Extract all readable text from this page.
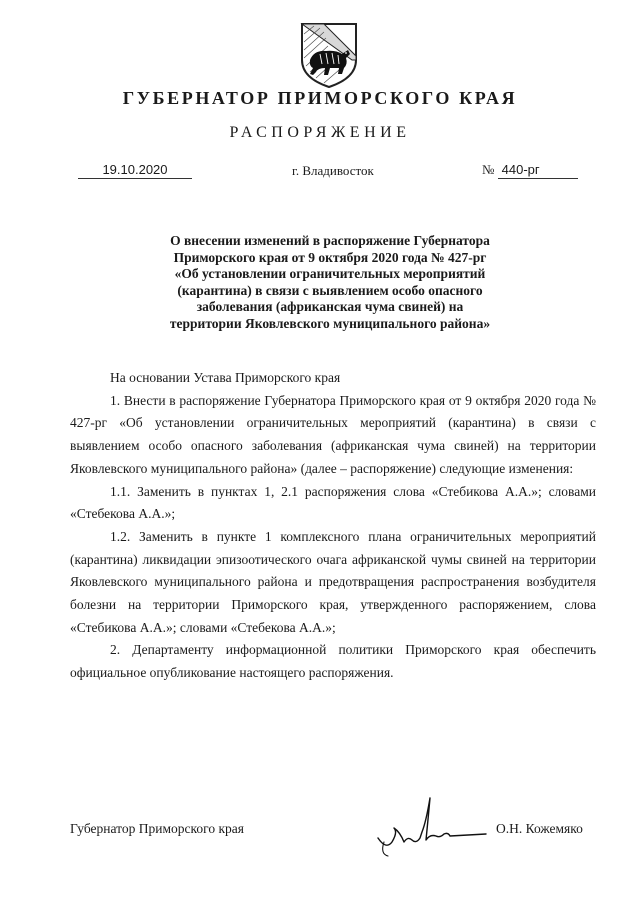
ГУБЕРНАТОР ПРИМОРСКОГО КРАЯ
РАСПОРЯЖЕНИЕ
19.10.2020	г. Владивосток	№ 440-рг
О внесении изменений в распоряжение Губернатора
Приморского края от 9 октября 2020 года № 427-рг
«Об установлении ограничительных мероприятий
(карантина) в связи с выявлением особо опасного
заболевания (африканская чума свиней) на
территории Яковлевского муниципального района»

На основании Устава Приморского края

1. Внести в распоряжение Губернатора Приморского края от 9 октября 2020 года № 427-рг «Об установлении ограничительных мероприятий (карантина) в связи с выявлением особо опасного заболевания (африканская чума свиней) на территории Яковлевского муниципального района» (далее – распоряжение) следующие изменения:

1.1. Заменить в пунктах 1, 2.1 распоряжения слова «Стебикова А.А.»; словами «Стебекова А.А.»;

1.2. Заменить в пункте 1 комплексного плана ограничительных мероприятий (карантина) ликвидации эпизоотического очага африканской чумы свиней на территории Яковлевского муниципального района и предотвращения распространения возбудителя болезни на территории Приморского края, утвержденного распоряжением, слова «Стебикова А.А.»; словами «Стебекова А.А.»;

2. Департаменту информационной политики Приморского края обеспечить официальное опубликование настоящего распоряжения.

Губернатор Приморского края	О.Н. Кожемяко
